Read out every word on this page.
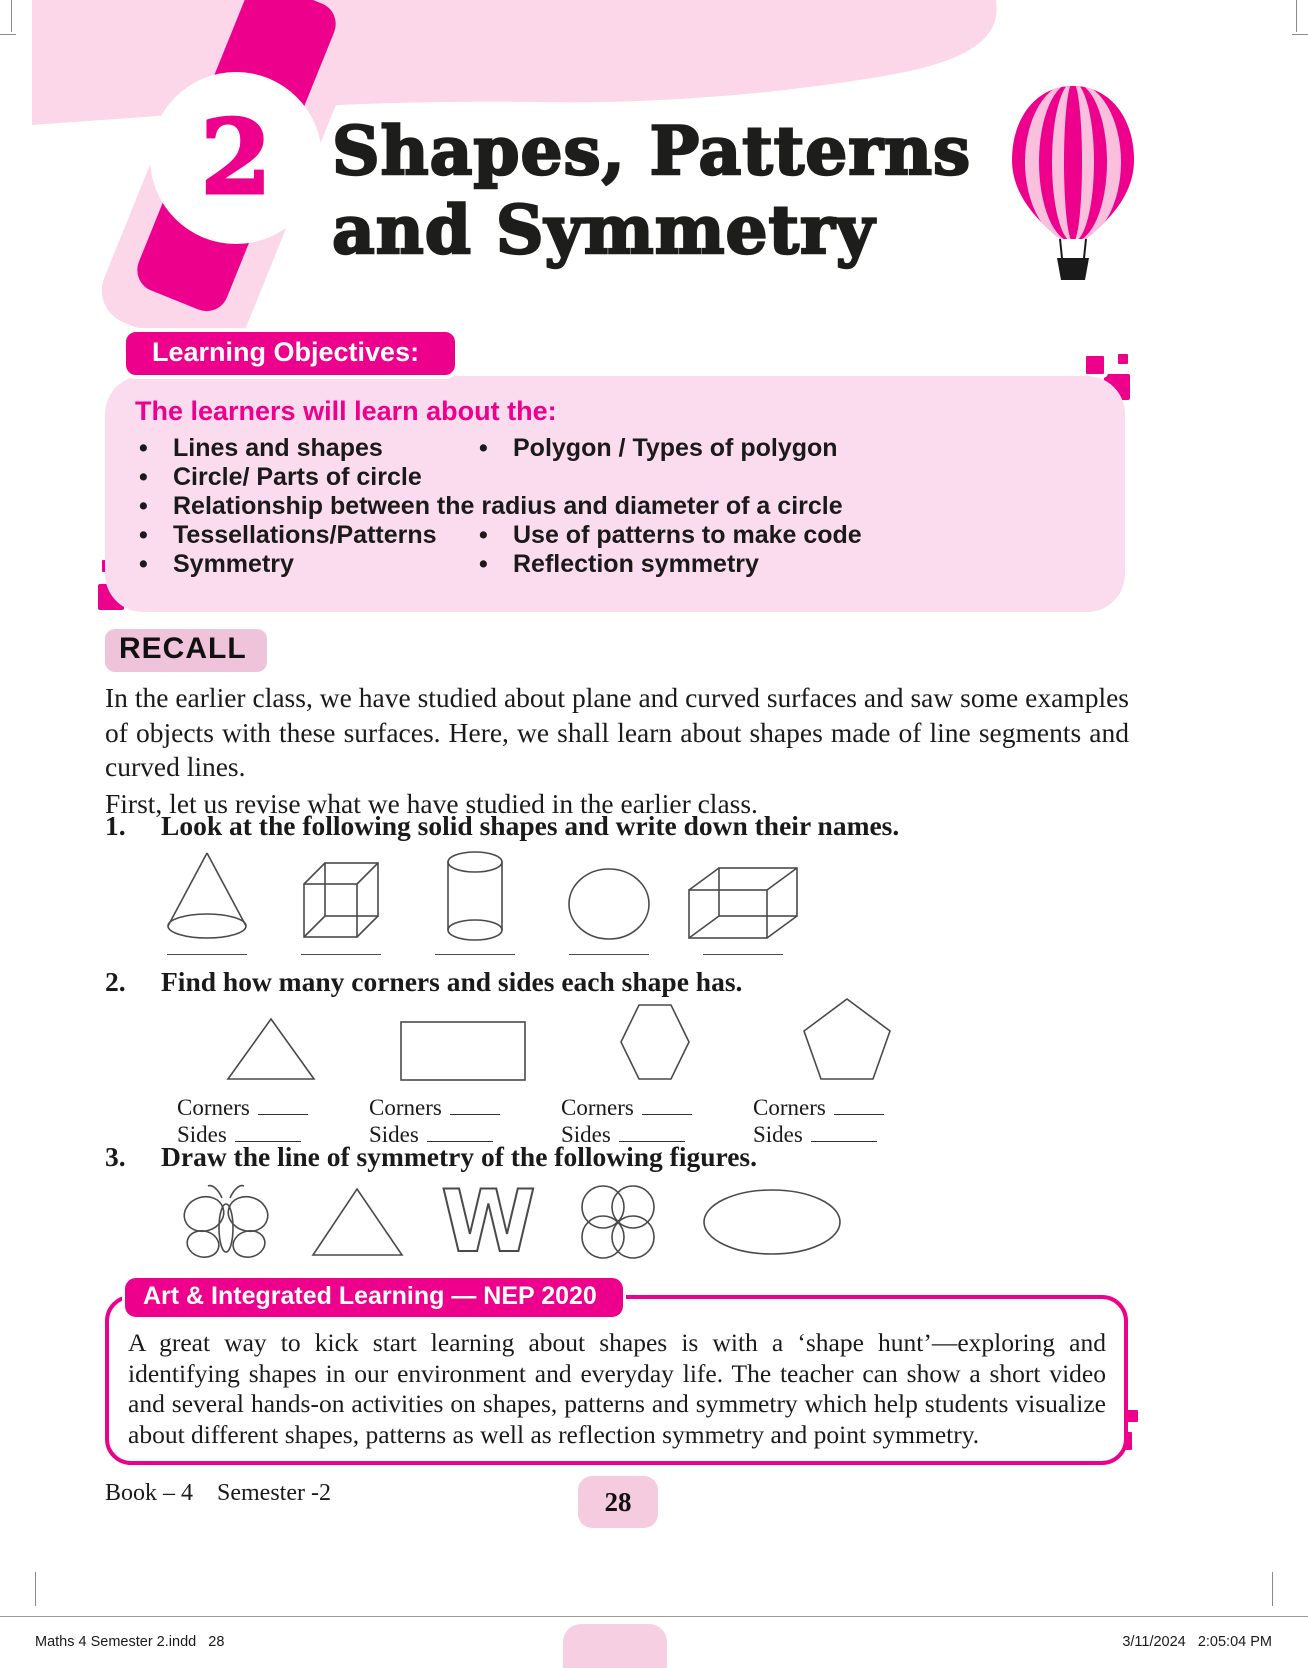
2 Shapes, Patterns
and Symmetry
The learners will learn about the:
• Lines and shapes	• Polygon / Types of polygon
• Circle/ Parts of circle
• Relationship between the radius and diameter of a circle
• Tessellations/Patterns	• Use of patterns to make code
• Symmetry	• Reflection symmetry
Learning Objectives:
RECALL

In the earlier class, we have studied about plane and curved surfaces and saw some examples of objects with these surfaces. Here, we shall learn about shapes made of line segments and curved lines.

First, let us revise what we have studied in the earlier class.

1. Look at the following solid shapes and write down their names.
2. Find how many corners and sides each shape has.
Corners
Sides
Corners
Sides
Corners
Sides
Corners
Sides
3. Draw the line of symmetry of the following figures.
W
Art & Integrated Learning — NEP 2020
A great way to kick start learning about shapes is with a ‘shape hunt’—exploring and identifying shapes in our environment and everyday life. The teacher can show a short video and several hands-on activities on shapes, patterns and symmetry which help students visualize about different shapes, patterns as well as reflection symmetry and point symmetry.
Book – 4    Semester -2	28
Maths 4 Semester 2.indd   28	3/11/2024   2:05:04 PM
